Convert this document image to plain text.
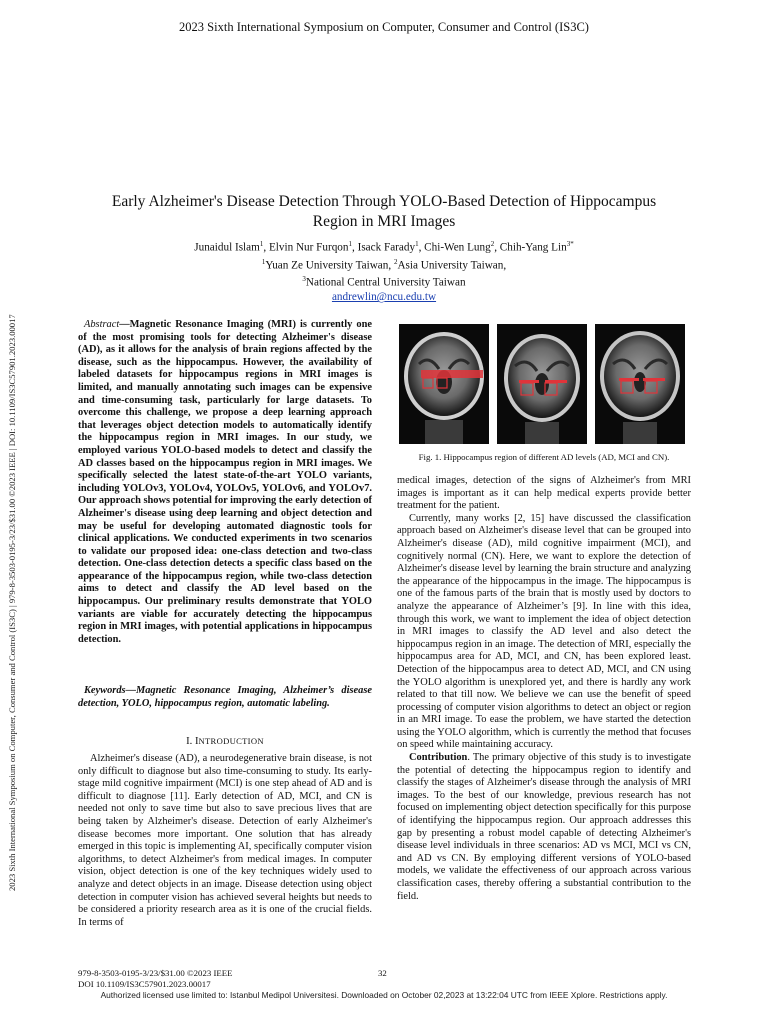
2023 Sixth International Symposium on Computer, Consumer and Control (IS3C)
2023 Sixth International Symposium on Computer, Consumer and Control (IS3C) | 979-8-3503-0195-3/23/$31.00 ©2023 IEEE | DOI: 10.1109/IS3C57901.2023.00017
Early Alzheimer's Disease Detection Through YOLO-Based Detection of Hippocampus Region in MRI Images
Junaidul Islam$^1$, Elvin Nur Furqon$^1$, Isack Farady$^1$, Chi-Wen Lung$^2$, Chih-Yang Lin$^{3*}$
$^1$Yuan Ze University Taiwan, $^2$Asia University Taiwan,
$^3$National Central University Taiwan
andrewlin@ncu.edu.tw

Abstract—Magnetic Resonance Imaging (MRI) is currently one of the most promising tools for detecting Alzheimer's disease (AD), as it allows for the analysis of brain regions affected by the disease, such as the hippocampus. However, the availability of labeled datasets for hippocampus regions in MRI images is limited, and manually annotating such images can be expensive and time-consuming task, particularly for large datasets. To overcome this challenge, we propose a deep learning approach that leverages object detection models to automatically identify the hippocampus region in MRI images. In our study, we employed various YOLO-based models to detect and classify the AD classes based on the hippocampus region in MRI images. We specifically selected the latest state-of-the-art YOLO variants, including YOLOv3, YOLOv4, YOLOv5, YOLOv6, and YOLOv7. Our approach shows potential for improving the early detection of Alzheimer's disease using deep learning and object detection and may be useful for developing automated diagnostic tools for clinical applications. We conducted experiments in two scenarios to validate our proposed idea: one-class detection and two-class detection. One-class detection detects a specific class based on the appearance of the hippocampus region, while two-class detection aims to detect and classify the AD level based on the hippocampus. Our preliminary results demonstrate that YOLO variants are viable for accurately detecting the hippocampus region in MRI images, with potential applications in hippocampus detection.

Keywords—Magnetic Resonance Imaging, Alzheimer’s disease detection, YOLO, hippocampus region, automatic labeling.

I. INTRODUCTION

Alzheimer's disease (AD), a neurodegenerative brain disease, is not only difficult to diagnose but also time-consuming to study. Its early-stage mild cognitive impairment (MCI) is one step ahead of AD and is difficult to diagnose [11]. Early detection of AD, MCI, and CN is needed not only to save time but also to save precious lives that are being taken by Alzheimer's disease. Detection of early Alzheimer's disease becomes more important. One solution that has already emerged in this topic is implementing AI, specifically computer vision algorithms, to detect Alzheimer's from medical images. In computer vision, object detection is one of the key techniques widely used to analyze and detect objects in an image. Disease detection using object detection in computer vision has achieved several heights but needs to be considered a priority research area as it is one of the crucial fields. In terms of

Fig. 1. Hippocampus region of different AD levels (AD, MCI and CN).

medical images, detection of the signs of Alzheimer's from MRI images is important as it can help medical experts provide better treatment for the patient.

Currently, many works [2, 15] have discussed the classification approach based on Alzheimer's disease level that can be grouped into Alzheimer's disease (AD), mild cognitive impairment (MCI), and cognitively normal (CN). Here, we want to explore the detection of Alzheimer's disease level by learning the brain structure and analyzing the appearance of the hippocampus in the image. The hippocampus is one of the famous parts of the brain that is mostly used by doctors to analyze the appearance of Alzheimer’s [9]. In line with this idea, through this work, we want to implement the idea of object detection in MRI images to classify the AD level and also detect the hippocampus region in an image. The detection of MRI, especially the hippocampus area for AD, MCI, and CN, has been explored least. Detection of the hippocampus area to detect AD, MCI, and CN using the YOLO algorithm is unexplored yet, and there is hardly any work related to that till now. We believe we can use the benefit of speed processing of computer vision algorithms to detect an object or region in an MRI image. To ease the problem, we have started the detection using the YOLO algorithm, which is currently the method that focuses on speed while maintaining accuracy.

Contribution. The primary objective of this study is to investigate the potential of detecting the hippocampus region to identify and classify the stages of Alzheimer's disease through the analysis of MRI images. To the best of our knowledge, previous research has not focused on implementing object detection specifically for this purpose of identifying the hippocampus region. Our approach addresses this gap by presenting a robust model capable of detecting Alzheimer's disease level individuals in three scenarios: AD vs MCI, MCI vs CN, and AD vs CN. By employing different versions of YOLO-based models, we validate the effectiveness of our approach across various classification cases, thereby offering a substantial contribution to the field.

979-8-3503-0195-3/23/$31.00 ©2023 IEEE
DOI 10.1109/IS3C57901.2023.00017
32
Authorized licensed use limited to: Istanbul Medipol Universitesi. Downloaded on October 02,2023 at 13:22:04 UTC from IEEE Xplore. Restrictions apply.
